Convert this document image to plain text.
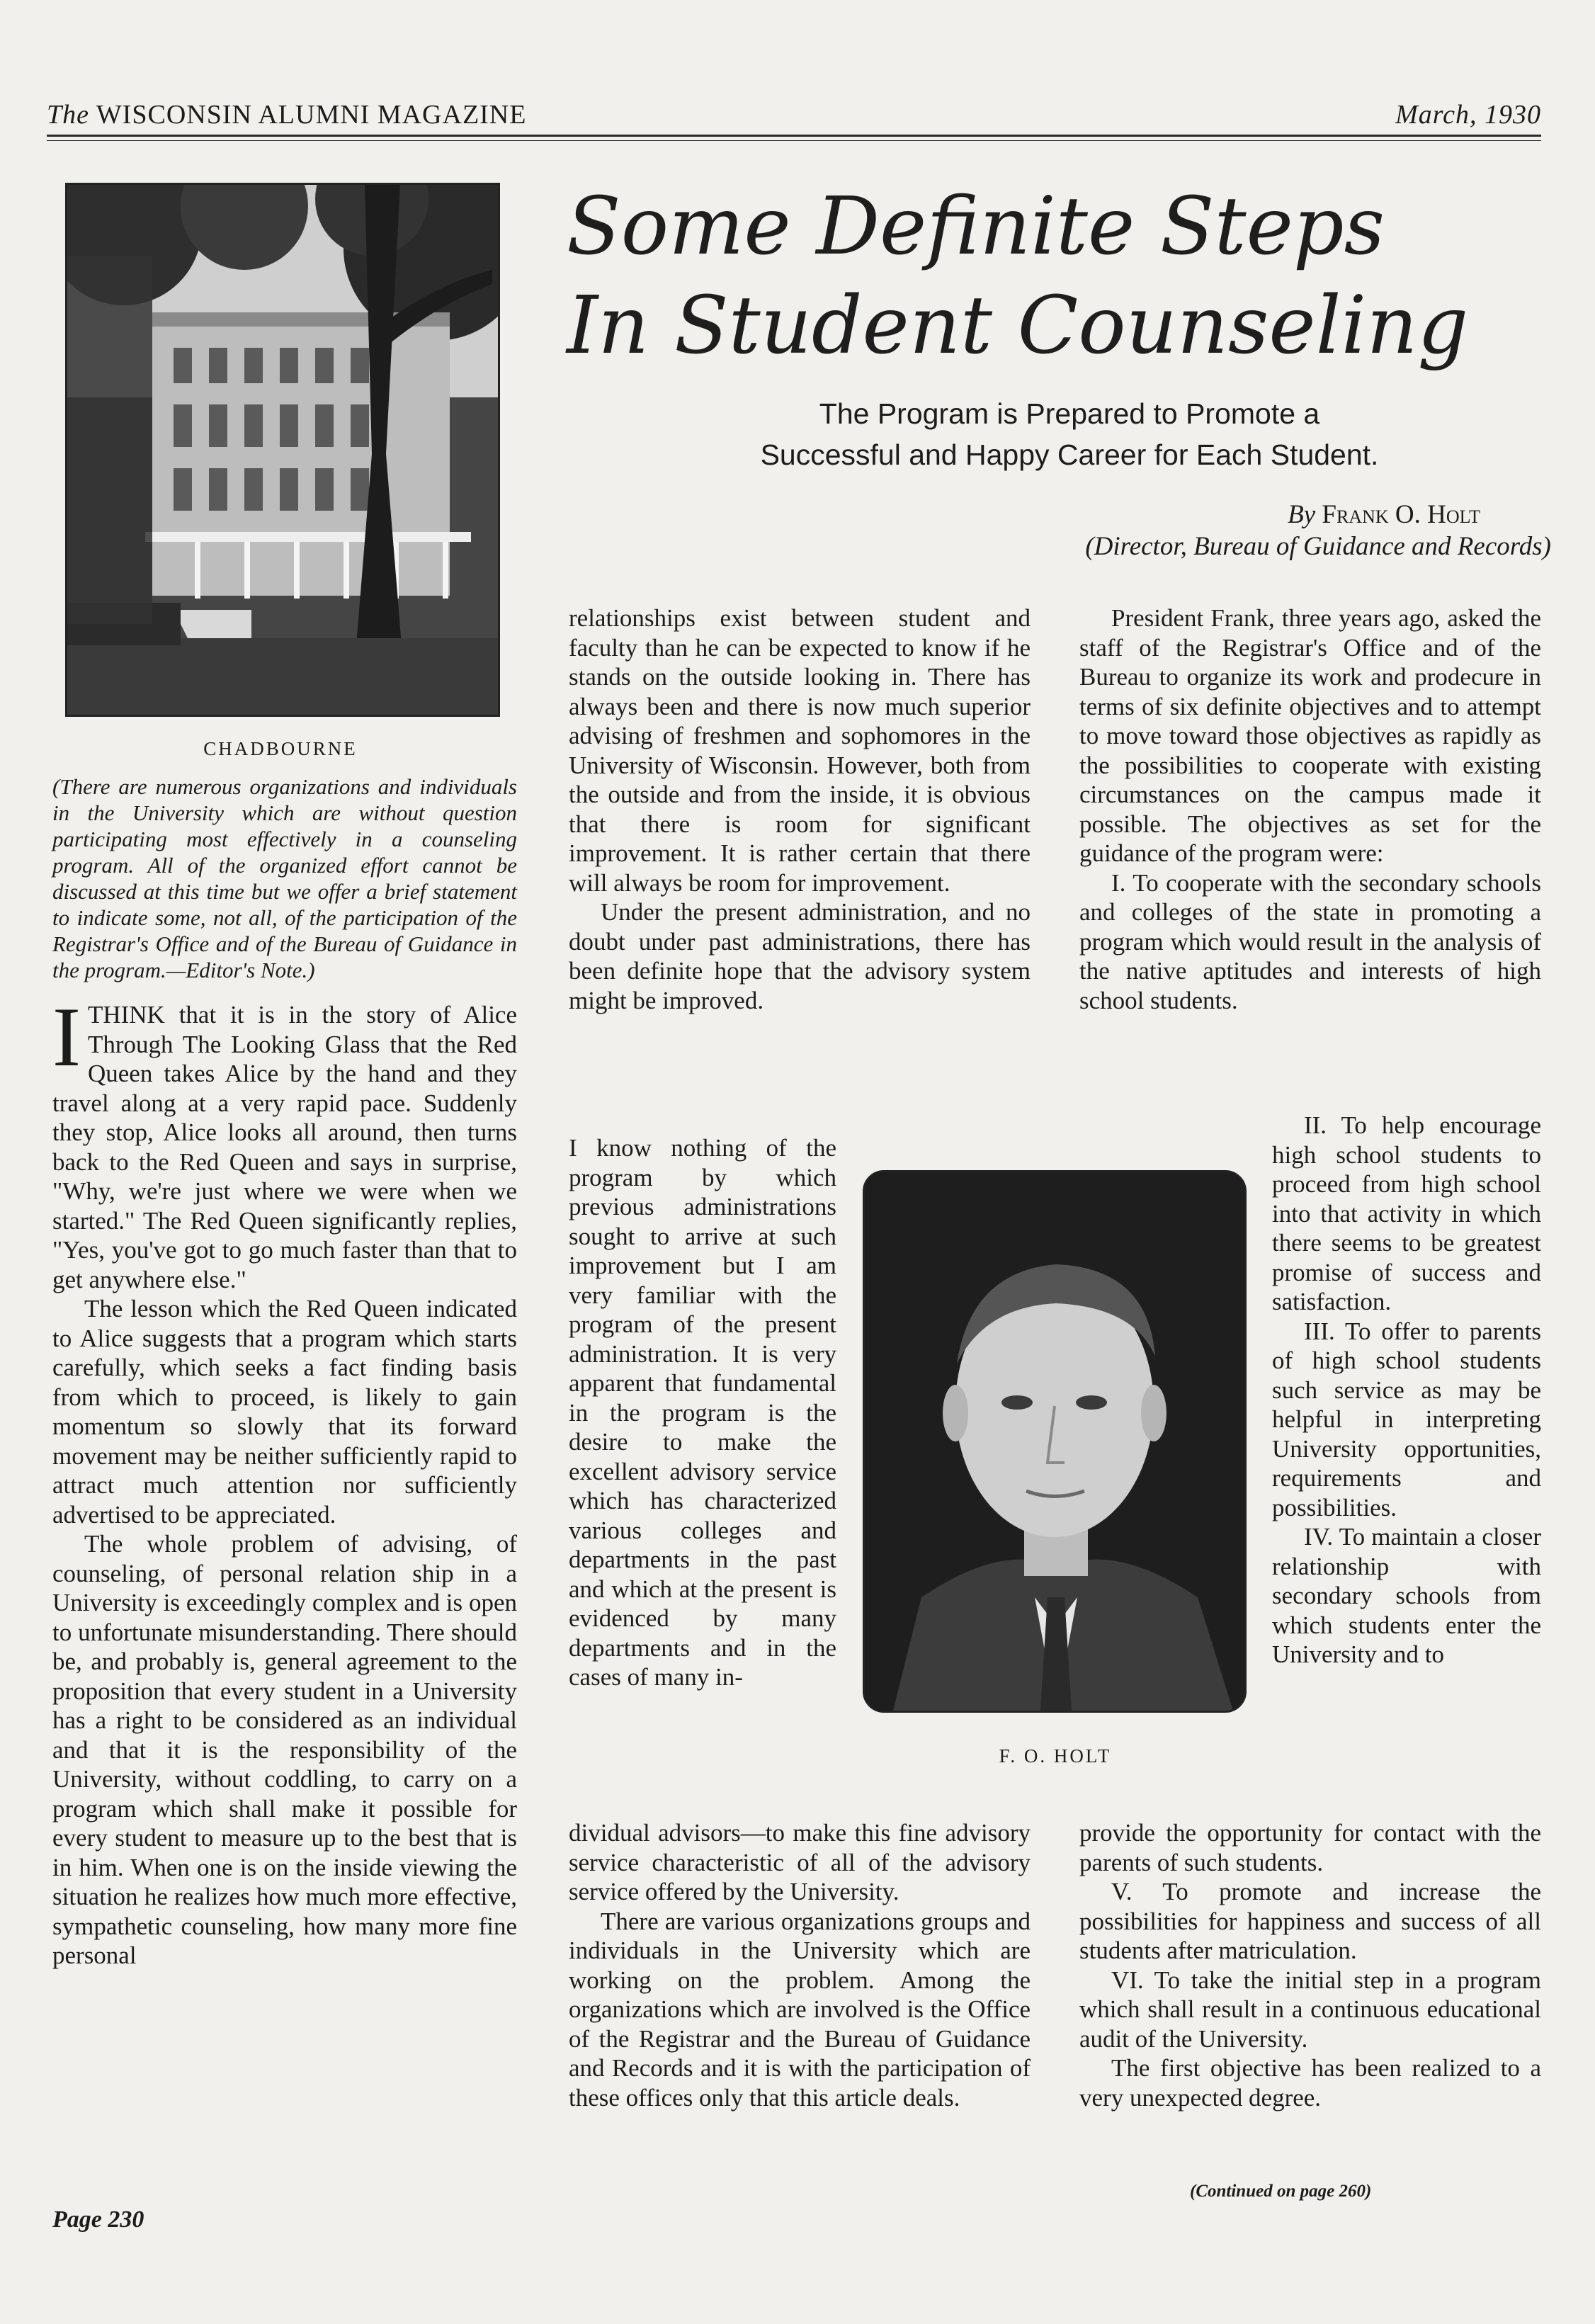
The WISCONSIN ALUMNI MAGAZINE	March, 1930
CHADBOURNE
Some Definite Steps
In Student Counseling
The Program is Prepared to Promote a
Successful and Happy Career for Each Student.
By Frank O. Holt
(Director, Bureau of Guidance and Records)
(There are numerous organizations and individuals in the University which are without question participating most effectively in a counseling program. All of the organized effort cannot be discussed at this time but we offer a brief statement to indicate some, not all, of the participation of the Registrar's Office and of the Bureau of Guidance in the program.—Editor's Note.)

ITHINK that it is in the story of Alice Through The Looking Glass that the Red Queen takes Alice by the hand and they travel along at a very rapid pace. Suddenly they stop, Alice looks all around, then turns back to the Red Queen and says in surprise, "Why, we're just where we were when we started." The Red Queen significantly replies, "Yes, you've got to go much faster than that to get anywhere else."

The lesson which the Red Queen indicated to Alice suggests that a program which starts carefully, which seeks a fact finding basis from which to proceed, is likely to gain momentum so slowly that its forward movement may be neither sufficiently rapid to attract much attention nor sufficiently advertised to be appreciated.

The whole problem of advising, of counseling, of personal relation ship in a University is exceedingly complex and is open to unfortunate misunderstanding. There should be, and probably is, general agreement to the proposition that every student in a University has a right to be considered as an individual and that it is the responsibility of the University, without coddling, to carry on a program which shall make it possible for every student to measure up to the best that is in him. When one is on the inside viewing the situation he realizes how much more effective, sympathetic counseling, how many more fine personal

relationships exist between student and faculty than he can be expected to know if he stands on the outside looking in. There has always been and there is now much superior advising of freshmen and sophomores in the University of Wisconsin. However, both from the outside and from the inside, it is obvious that there is room for significant improvement. It is rather certain that there will always be room for improvement.

Under the present administration, and no doubt under past administrations, there has been definite hope that the advisory system might be improved.

I know nothing of the program by which previous administrations sought to arrive at such improvement but I am very familiar with the program of the present administration. It is very apparent that fundamental in the program is the desire to make the excellent advisory service which has characterized various colleges and departments in the past and which at the present is evidenced by many departments and in the cases of many in-

dividual advisors—to make this fine advisory service characteristic of all of the advisory service offered by the University.

There are various organizations groups and individuals in the University which are working on the problem. Among the organizations which are involved is the Office of the Registrar and the Bureau of Guidance and Records and it is with the participation of these offices only that this article deals.

F. O. HOLT

President Frank, three years ago, asked the staff of the Registrar's Office and of the Bureau to organize its work and prodecure in terms of six definite objectives and to attempt to move toward those objectives as rapidly as the possibilities to cooperate with existing circumstances on the campus made it possible. The objectives as set for the guidance of the program were:

I. To cooperate with the secondary schools and colleges of the state in promoting a program which would result in the analysis of the native aptitudes and interests of high school students.

II. To help encourage high school students to proceed from high school into that activity in which there seems to be greatest promise of success and satisfaction.

III. To offer to parents of high school students such service as may be helpful in interpreting University opportunities, requirements and possibilities.

IV. To maintain a closer relationship with secondary schools from which students enter the University and to

provide the opportunity for contact with the parents of such students.

V. To promote and increase the possibilities for happiness and success of all students after matriculation.

VI. To take the initial step in a program which shall result in a continuous educational audit of the University.

The first objective has been realized to a very unexpected degree.

(Continued on page 260)
Page 230
